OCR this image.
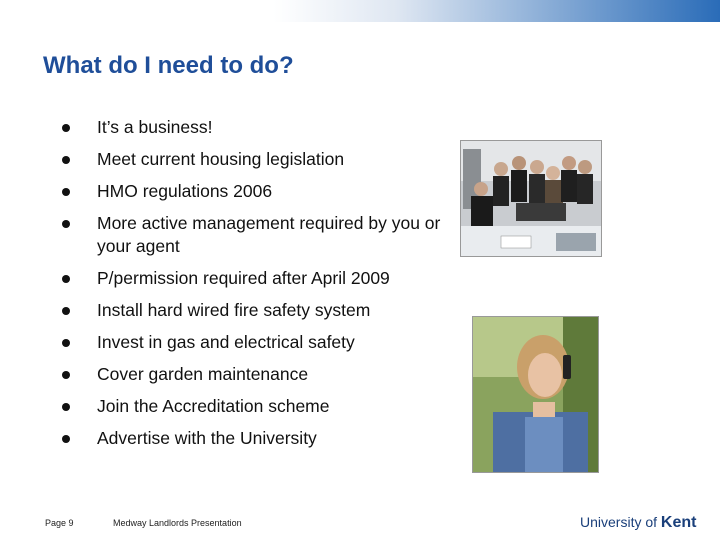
What do I need to do?
It’s a business!
Meet current housing legislation
HMO regulations 2006
More active management required by you or your agent
P/permission required after April 2009
Install hard wired fire safety system
Invest in gas and electrical safety
Cover garden maintenance
Join the Accreditation scheme
Advertise with the University
Page 9	Medway Landlords Presentation	University of Kent
